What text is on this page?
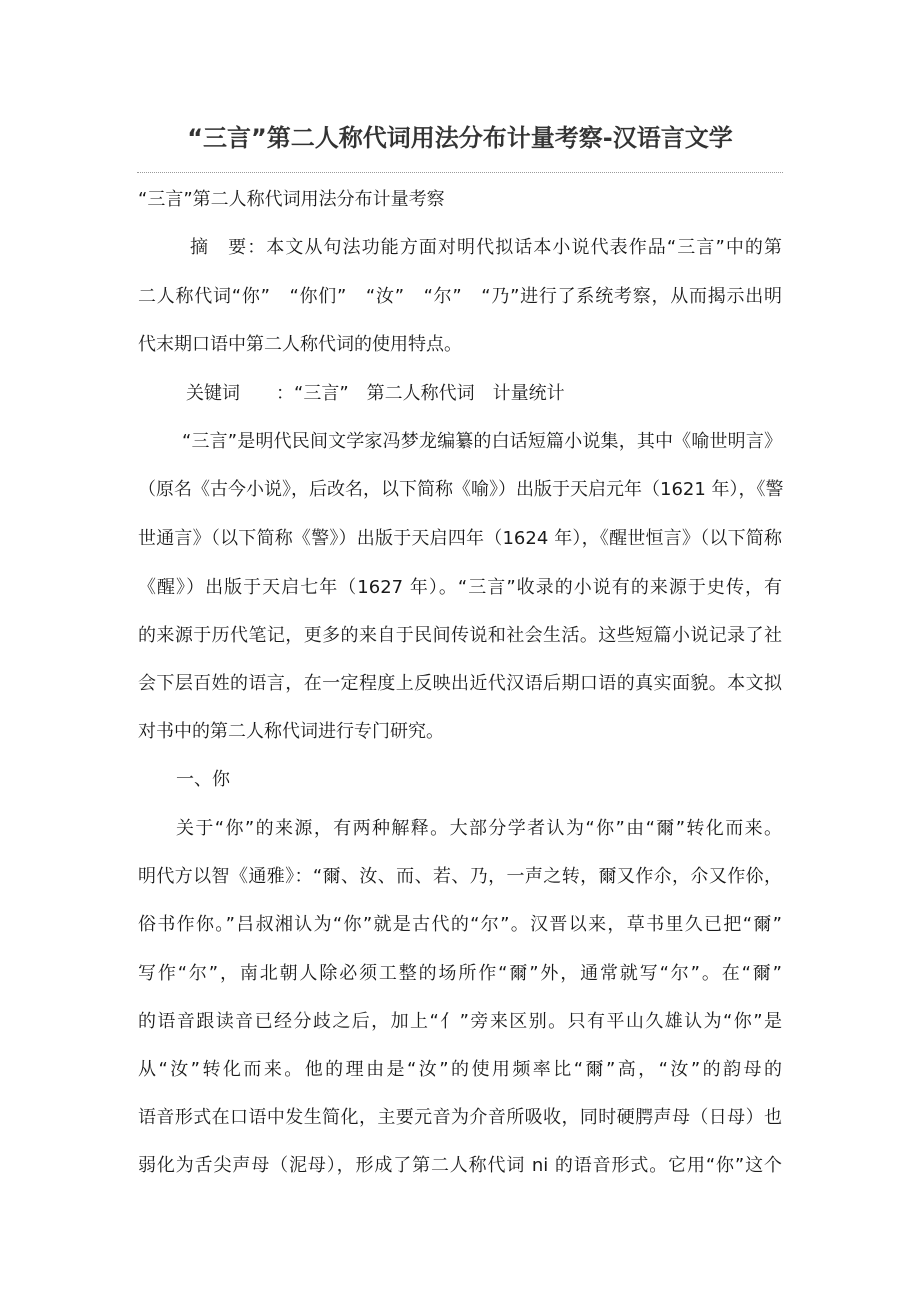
“三言”第二人称代词用法分布计量考察-汉语言文学
“三言”第二人称代词用法分布计量考察
摘　要：本文从句法功能方面对明代拟话本小说代表作品“三言”中的第
二人称代词“你”　“你们”　“汝”　“尔”　“乃”进行了系统考察，从而揭示出明
代末期口语中第二人称代词的使用特点。
关键词　　：“三言”　第二人称代词　计量统计
“三言”是明代民间文学家冯梦龙编纂的白话短篇小说集，其中《喻世明言》
（原名《古今小说》，后改名，以下简称《喻》）出版于天启元年（1621 年），《警
世通言》（以下简称《警》）出版于天启四年（1624 年），《醒世恒言》（以下简称
《醒》）出版于天启七年（1627 年）。“三言”收录的小说有的来源于史传，有
的来源于历代笔记，更多的来自于民间传说和社会生活。这些短篇小说记录了社
会下层百姓的语言，在一定程度上反映出近代汉语后期口语的真实面貌。本文拟
对书中的第二人称代词进行专门研究。
一、你
关于“你”的来源，有两种解释。大部分学者认为“你”由“爾”转化而来。
明代方以智《通雅》：“爾、汝、而、若、乃，一声之转，爾又作尒，尒又作伱，
俗书作你。”吕叔湘认为“你”就是古代的“尔”。汉晋以来，草书里久已把“爾”
写作“尔”，南北朝人除必须工整的场所作“爾”外，通常就写“尔”。在“爾”
的语音跟读音已经分歧之后，加上“亻”旁来区别。只有平山久雄认为“你”是
从“汝”转化而来。他的理由是“汝”的使用频率比“爾”高，“汝”的韵母的
语音形式在口语中发生简化，主要元音为介音所吸收，同时硬腭声母（日母）也
弱化为舌尖声母（泥母），形成了第二人称代词 ni 的语音形式。它用“你”这个
